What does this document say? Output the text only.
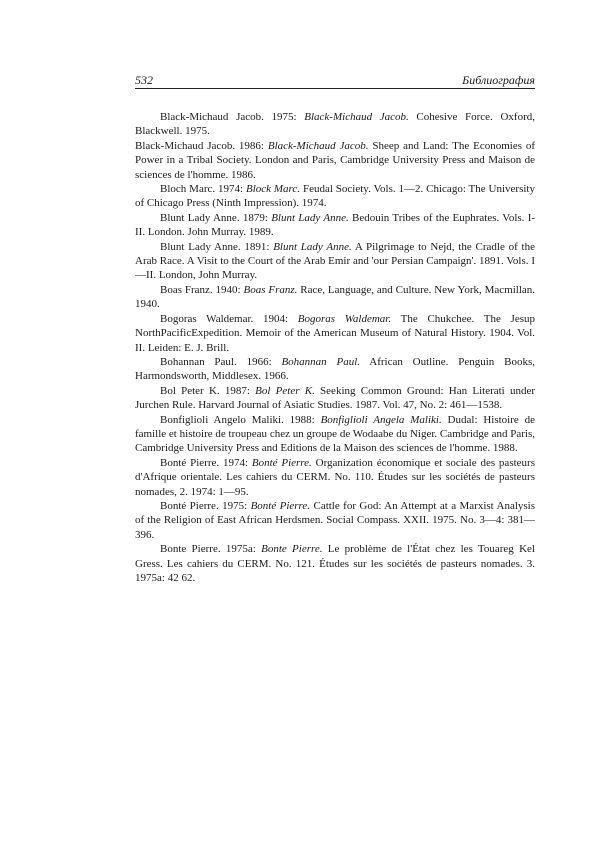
532	Библиография

Black-Michaud Jacob. 1975: Black-Michaud Jacob. Cohesive Force. Oxford, Blackwell. 1975.

Black-Michaud Jacob. 1986: Black-Michaud Jacob. Sheep and Land: The Economies of Power in a Tribal Society. London and Paris, Cambridge University Press and Maison de sciences de l'homme. 1986.

Bloch Marc. 1974: Block Marc. Feudal Society. Vols. 1—2. Chicago: The University of Chicago Press (Ninth Impression). 1974.

Blunt Lady Anne. 1879: Blunt Lady Anne. Bedouin Tribes of the Euphrates. Vols. I-II. London. John Murray. 1989.

Blunt Lady Anne. 1891: Blunt Lady Anne. A Pilgrimage to Nejd, the Cradle of the Arab Race. A Visit to the Court of the Arab Emir and 'our Persian Campaign'. 1891. Vols. I—II. London, John Murray.

Boas Franz. 1940: Boas Franz. Race, Language, and Culture. New York, Macmillan. 1940.

Bogoras Waldemar. 1904: Bogoras Waldemar. The Chukchee. The Jesup NorthPacificExpedition. Memoir of the American Museum of Natural History. 1904. Vol. II. Leiden: E. J. Brill.

Bohannan Paul. 1966: Bohannan Paul. African Outline. Penguin Books, Harmondsworth, Middlesex. 1966.

Bol Peter K. 1987: Bol Peter K. Seeking Common Ground: Han Literati under Jurchen Rule. Harvard Journal of Asiatic Studies. 1987. Vol. 47, No. 2: 461—1538.

Bonfiglioli Angelo Maliki. 1988: Bonfiglioli Angela Maliki. Dudal: Histoire de famille et histoire de troupeau chez un groupe de Wodaabe du Niger. Cambridge and Paris, Cambridge University Press and Editions de la Maison des sciences de l'homme. 1988.

Bonté Pierre. 1974: Bonté Pierre. Organization économique et sociale des pasteurs d'Afrique orientale. Les cahiers du CERM. No. 110. Études sur les sociétés de pasteurs nomades, 2. 1974: 1—95.

Bonté Pierre. 1975: Bonté Pierre. Cattle for God: An Attempt at a Marxist Analysis of the Religion of East African Herdsmen. Social Compass. XXII. 1975. No. 3—4: 381—396.

Bonte Pierre. 1975a: Bonte Pierre. Le problème de l'État chez les Touareg Kel Gress. Les cahiers du CERM. No. 121. Études sur les sociétés de pasteurs nomades. 3. 1975a: 42 62.
